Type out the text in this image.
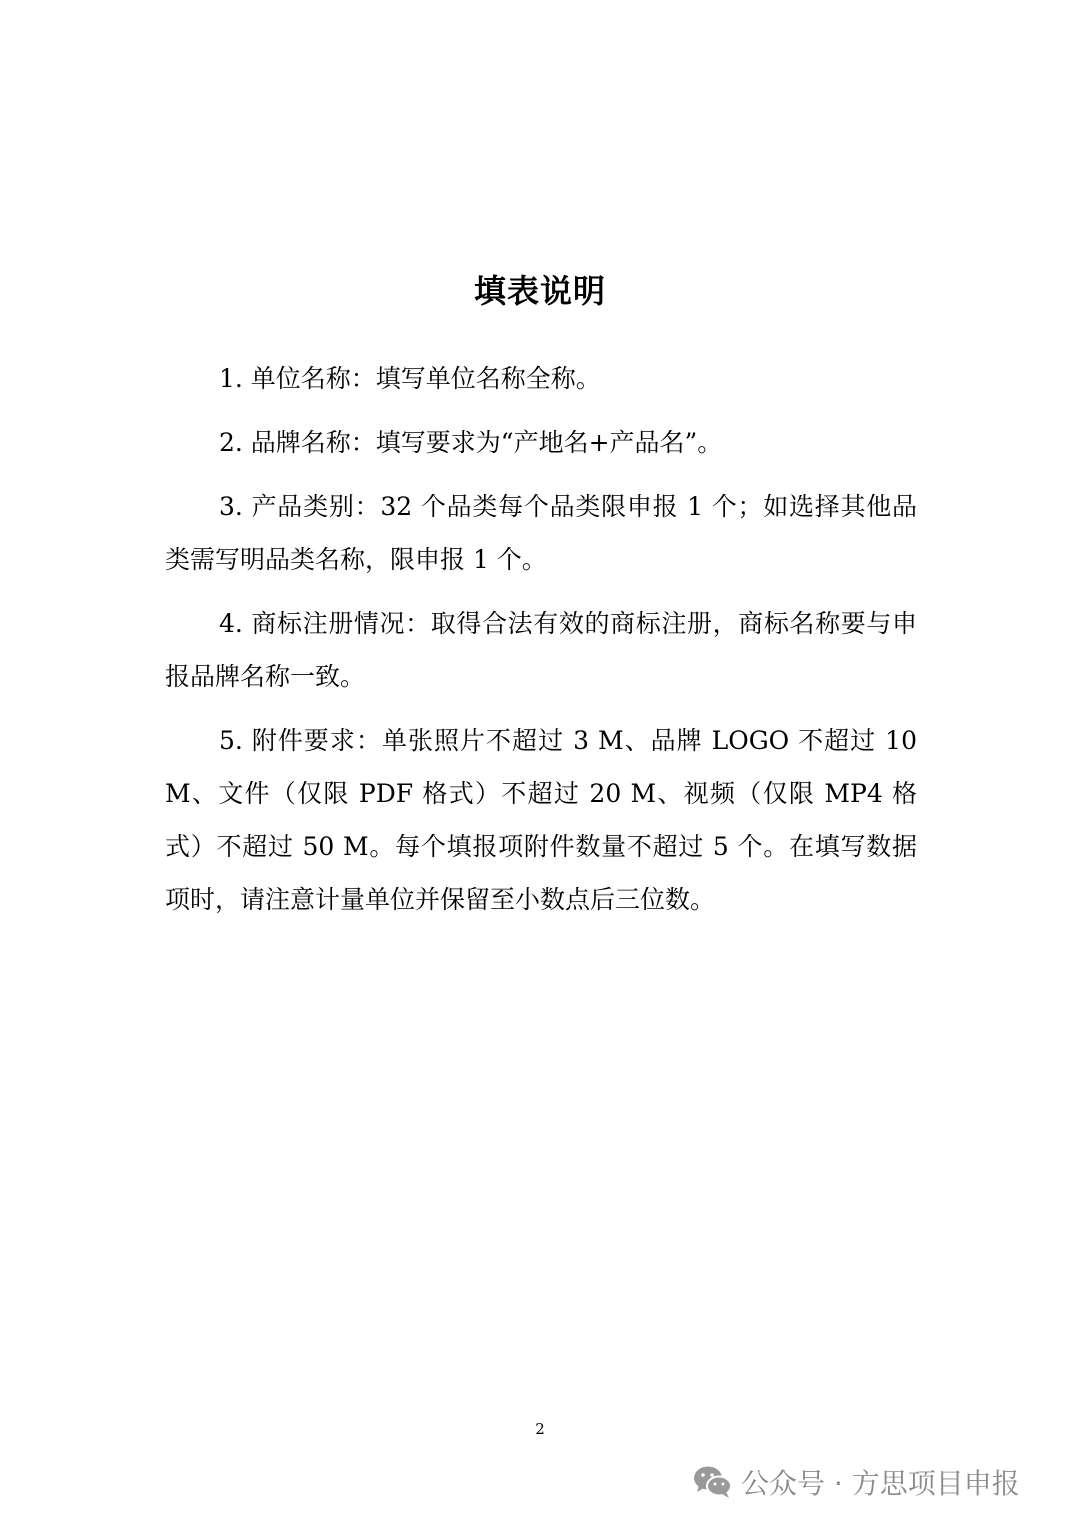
填表说明

1. 单位名称：填写单位名称全称。

2. 品牌名称：填写要求为“产地名+产品名”。

3. 产品类别：32 个品类每个品类限申报 1 个；如选择其他品类需写明品类名称，限申报 1 个。

4. 商标注册情况：取得合法有效的商标注册，商标名称要与申报品牌名称一致。

5. 附件要求：单张照片不超过 3 M、品牌 LOGO 不超过 10 M、文件（仅限 PDF 格式）不超过 20 M、视频（仅限 MP4 格式）不超过 50 M。每个填报项附件数量不超过 5 个。在填写数据项时，请注意计量单位并保留至小数点后三位数。

2
公众号 · 方思项目申报
